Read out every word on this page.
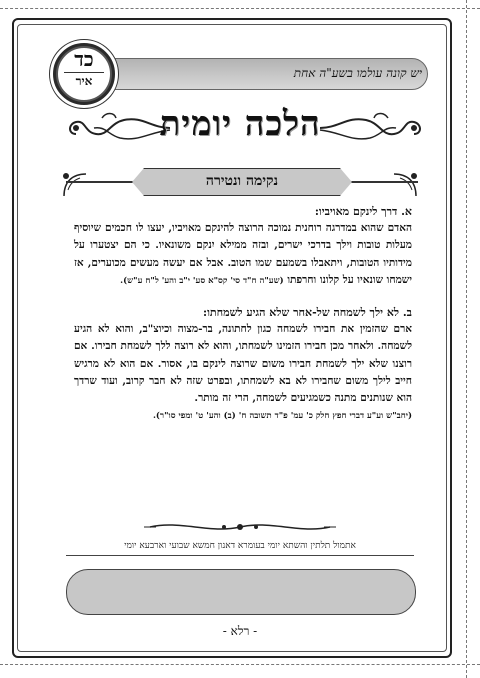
יש קונה עולמו בשע"ה אחת
כד
איר
הלכה יומית
נקימה ונטירה
א. דרך לינקם מאויביו:

האדם שהוא במדרגה רוחנית נמוכה הרוצה להינקם מאויביו, יעצו לו חכמים שיוסיף מעלות טובות וילך בדרכי ישרים, ובזה ממילא יִנקם משונאיו. כי הם יצטערו על מידותיו הטובות, ויתאבלו בשמעם שמו הטוב. אבל אם יעשה מעשים מכוערים, אז ישמחו שונאיו על קלונו וחרפתו (שע"ה ח"ד סי' קס"א סע' י"ב והע' ל"ח ע"ש).

ב. לא ילך לשמחה של-אחר שלא הגיע לשמחתו:

ארם שהזמין את חבירו לשמחה כגון לחתונה, בר-מצוה וכיוצ"ב, והוא לא הגיע לשמחה. ולאחר מכן חבירו הזמינו לשמחתו, והוא לא רוצה ללך לשמחת חבירו. אם רוצנו שלא ילך לשמחת חבירו משום שרוצה לינקם בו, אסור. אם הוא לא מרגיש חייב לילך משום שחבירו לא בא לשמחתו, ובפרט שזה לא חבר קרוב, ועוד שרדך הוא שנותנים מתנה כשמגיעים לשמחה, הרי זה מותר.

(יחב"ש וע"ע דברי חפץ חלק כ' עמ' פ"ד תשובה ח' (ב) והע' ט' ומפי סו"ר).

אתמול תלתין והשתא יומי בעומרא דאנון חמשא שבועי וארבעא יומי
- רלא -
